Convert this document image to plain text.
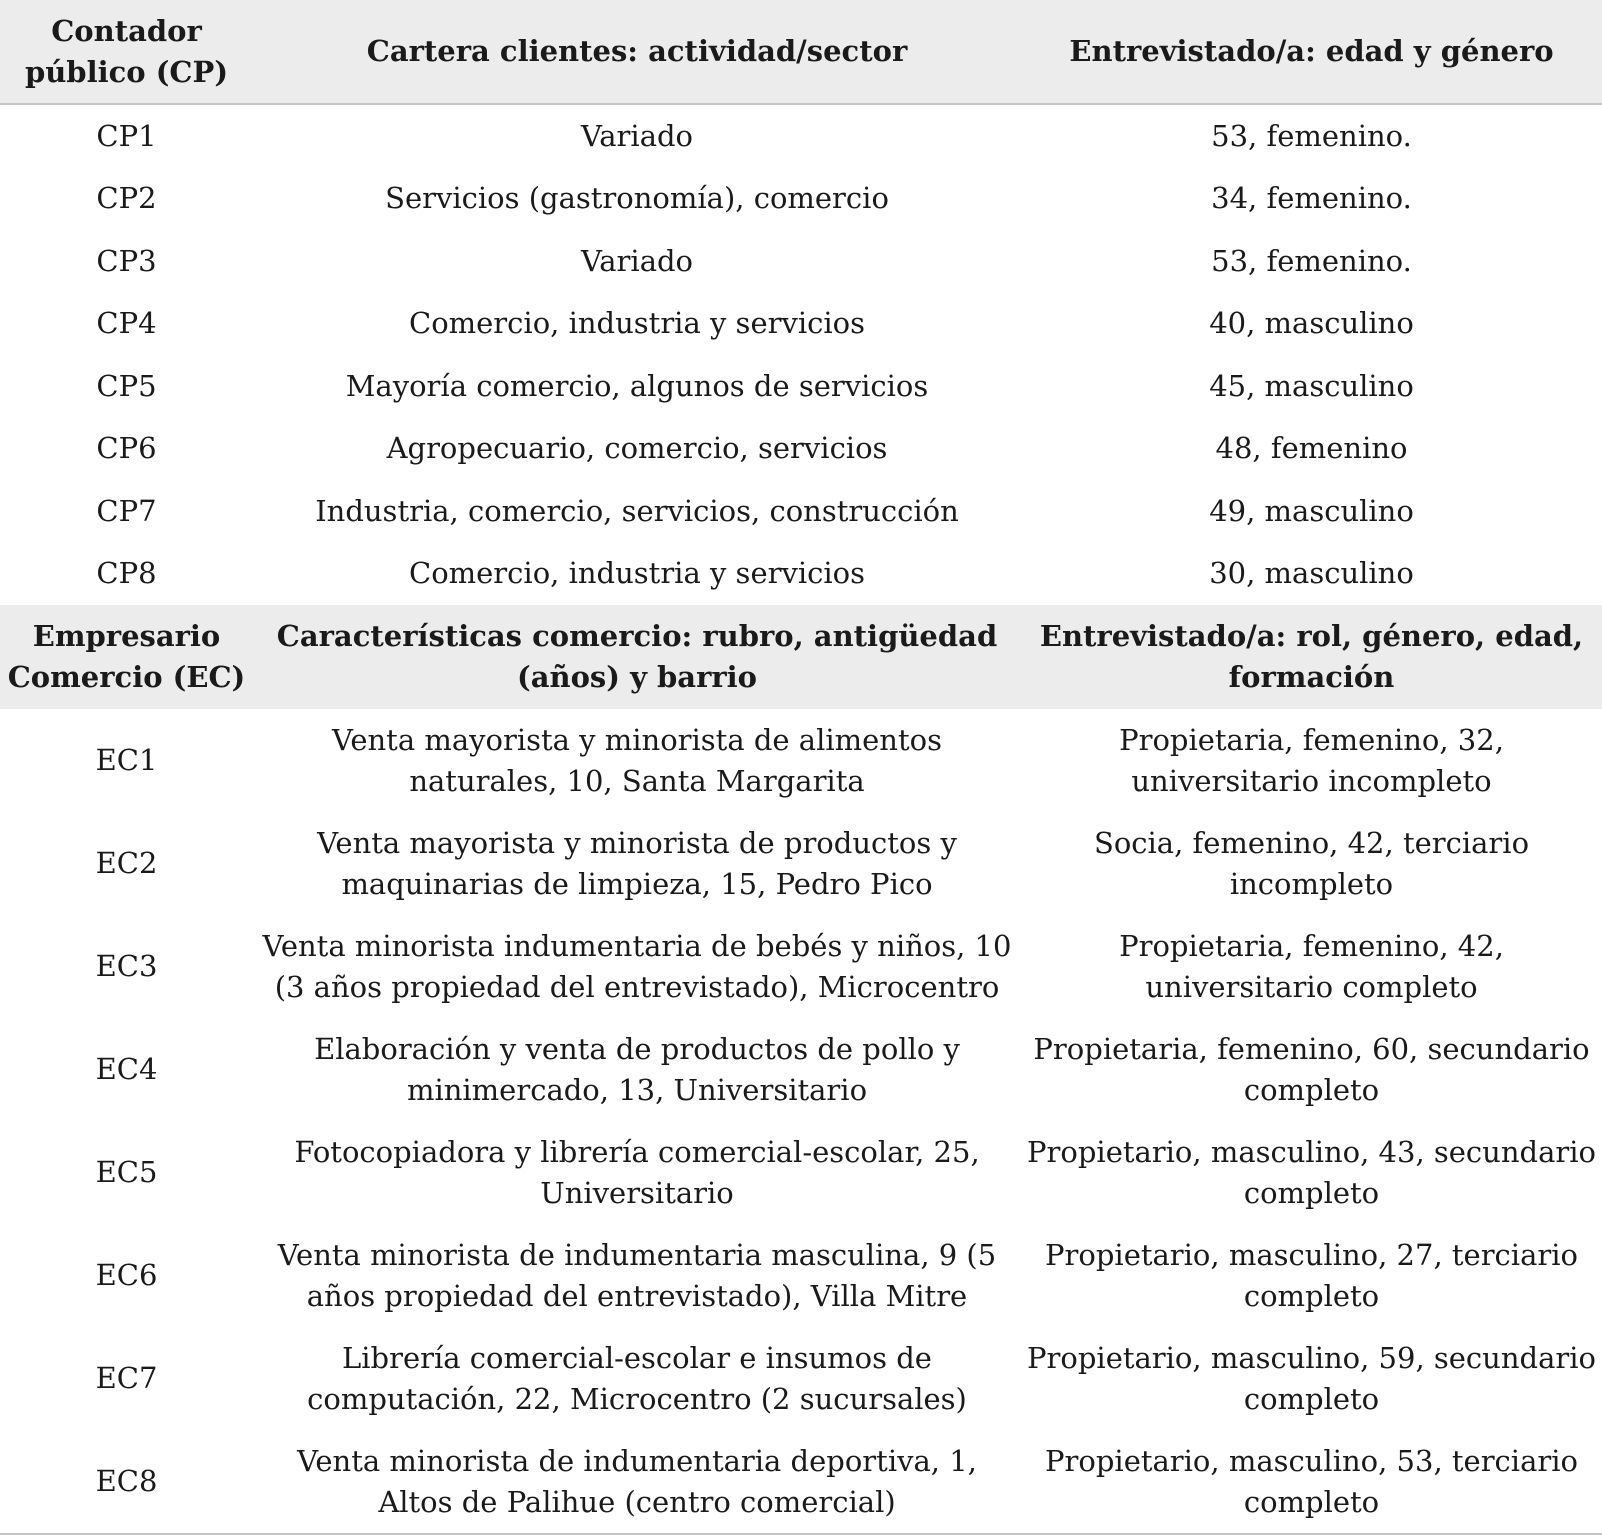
Contador público (CP)	Cartera clientes: actividad/sector	Entrevistado/a: edad y género
CP1	Variado	53, femenino.
CP2	Servicios (gastronomía), comercio	34, femenino.
CP3	Variado	53, femenino.
CP4	Comercio, industria y servicios	40, masculino
CP5	Mayoría comercio, algunos de servicios	45, masculino
CP6	Agropecuario, comercio, servicios	48, femenino
CP7	Industria, comercio, servicios, construcción	49, masculino
CP8	Comercio, industria y servicios	30, masculino
Empresario Comercio (EC)	Características comercio: rubro, antigüedad (años) y barrio	Entrevistado/a: rol, género, edad, formación
EC1	Venta mayorista y minorista de alimentos naturales, 10, Santa Margarita	Propietaria, femenino, 32, universitario incompleto
EC2	Venta mayorista y minorista de productos y maquinarias de limpieza, 15, Pedro Pico	Socia, femenino, 42, terciario incompleto
EC3	Venta minorista indumentaria de bebés y niños, 10 (3 años propiedad del entrevistado), Microcentro	Propietaria, femenino, 42, universitario completo
EC4	Elaboración y venta de productos de pollo y minimercado, 13, Universitario	Propietaria, femenino, 60, secundario completo
EC5	Fotocopiadora y librería comercial-escolar, 25, Universitario	Propietario, masculino, 43, secundario completo
EC6	Venta minorista de indumentaria masculina, 9 (5 años propiedad del entrevistado), Villa Mitre	Propietario, masculino, 27, terciario completo
EC7	Librería comercial-escolar e insumos de computación, 22, Microcentro (2 sucursales)	Propietario, masculino, 59, secundario completo
EC8	Venta minorista de indumentaria deportiva, 1, Altos de Palihue (centro comercial)	Propietario, masculino, 53, terciario completo
